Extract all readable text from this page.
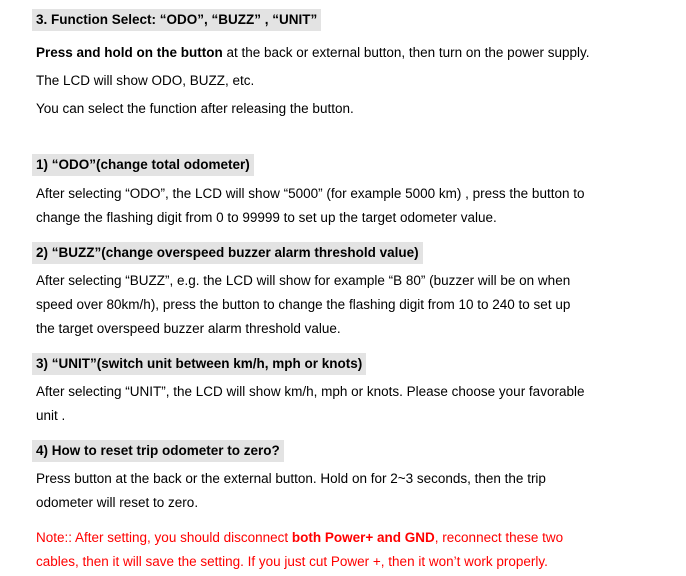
3. Function Select: “ODO”, “BUZZ” , “UNIT”
Press and hold on the button at the back or external button, then turn on the power supply.
The LCD will show ODO, BUZZ, etc.
You can select the function after releasing the button.
1) “ODO”(change total odometer)
After selecting “ODO”, the LCD will show “5000” (for example 5000 km) , press the button to
change the flashing digit from 0 to 99999 to set up the target odometer value.
2) “BUZZ”(change overspeed buzzer alarm threshold value)
After selecting “BUZZ”, e.g. the LCD will show for example “B 80” (buzzer will be on when
speed over 80km/h), press the button to change the flashing digit from 10 to 240 to set up
the target overspeed buzzer alarm threshold value.
3) “UNIT”(switch unit between km/h, mph or knots)
After selecting “UNIT”, the LCD will show km/h, mph or knots. Please choose your favorable
unit .
4) How to reset trip odometer to zero?
Press button at the back or the external button. Hold on for 2~3 seconds, then the trip
odometer will reset to zero.
Note:: After setting, you should disconnect both Power+ and GND, reconnect these two
cables, then it will save the setting. If you just cut Power +, then it won’t work properly.
